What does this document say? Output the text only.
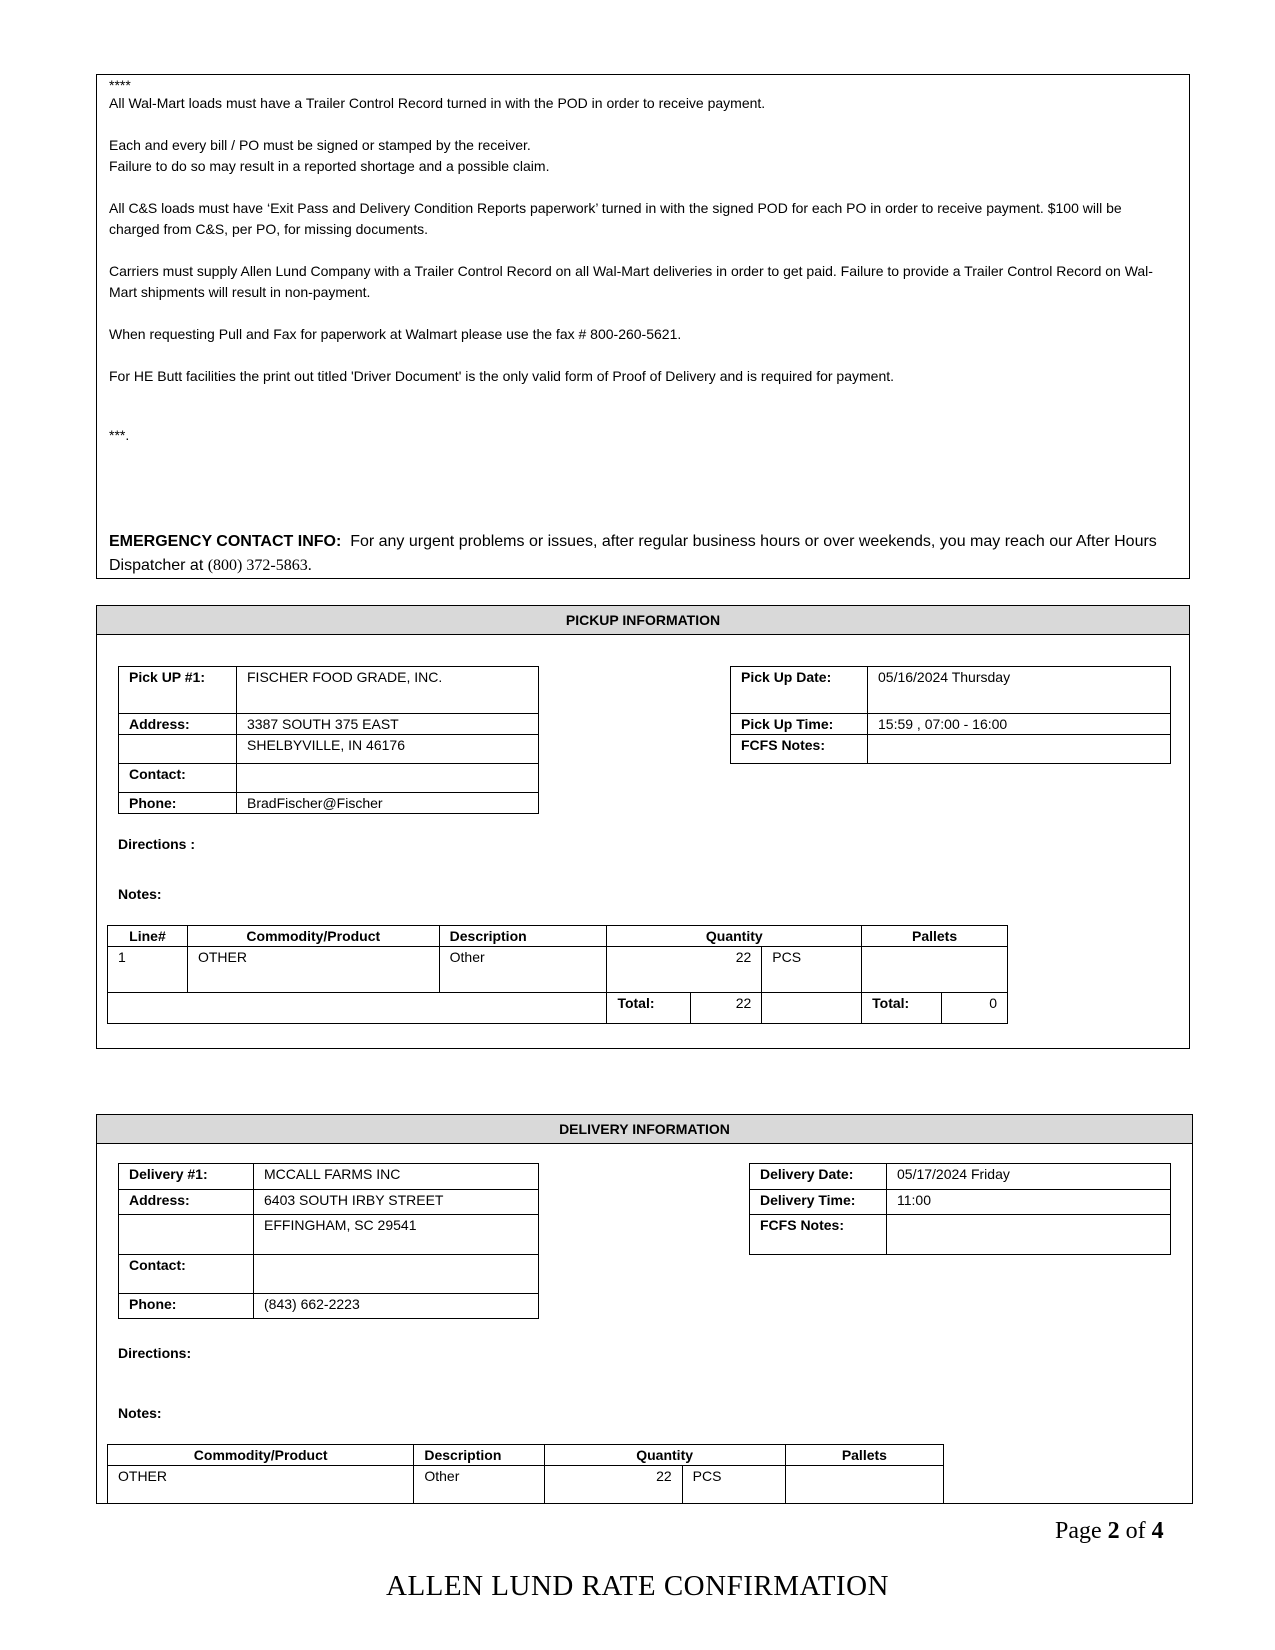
****
All Wal-Mart loads must have a Trailer Control Record turned in with the POD in order to receive payment.
Each and every bill / PO must be signed or stamped by the receiver.
Failure to do so may result in a reported shortage and a possible claim.
All C&S loads must have ‘Exit Pass and Delivery Condition Reports paperwork’ turned in with the signed POD for each PO in order to receive payment. $100 will be charged from C&S, per PO, for missing documents.
Carriers must supply Allen Lund Company with a Trailer Control Record on all Wal-Mart deliveries in order to get paid. Failure to provide a Trailer Control Record on Wal-Mart shipments will result in non-payment.
When requesting Pull and Fax for paperwork at Walmart please use the fax # 800-260-5621.
For HE Butt facilities the print out titled 'Driver Document' is the only valid form of Proof of Delivery and is required for payment.
***.
EMERGENCY CONTACT INFO: For any urgent problems or issues, after regular business hours or over weekends, you may reach our After Hours Dispatcher at (800) 372-5863.
PICKUP INFORMATION
Pick UP #1:	FISCHER FOOD GRADE, INC.
Address:	3387 SOUTH 375 EAST
	SHELBYVILLE, IN 46176
Contact:	
Phone:	BradFischer@Fischer
Pick Up Date:	05/16/2024 Thursday
Pick Up Time:	15:59 , 07:00 - 16:00
FCFS Notes:	
Directions :
Notes:
Line#	Commodity/Product	Description	Quantity			Pallets	
1	OTHER	Other	22		PCS		
			Total:	22		Total:	0
DELIVERY INFORMATION
Delivery #1:	MCCALL FARMS INC
Address:	6403 SOUTH IRBY STREET
	EFFINGHAM, SC 29541
Contact:	
Phone:	(843) 662-2223
Delivery Date:	05/17/2024 Friday
Delivery Time:	11:00
FCFS Notes:	
Directions:
Notes:
Commodity/Product	Description	Quantity		Pallets
OTHER	Other	22	PCS	
Page 2 of 4
ALLEN LUND RATE CONFIRMATION
